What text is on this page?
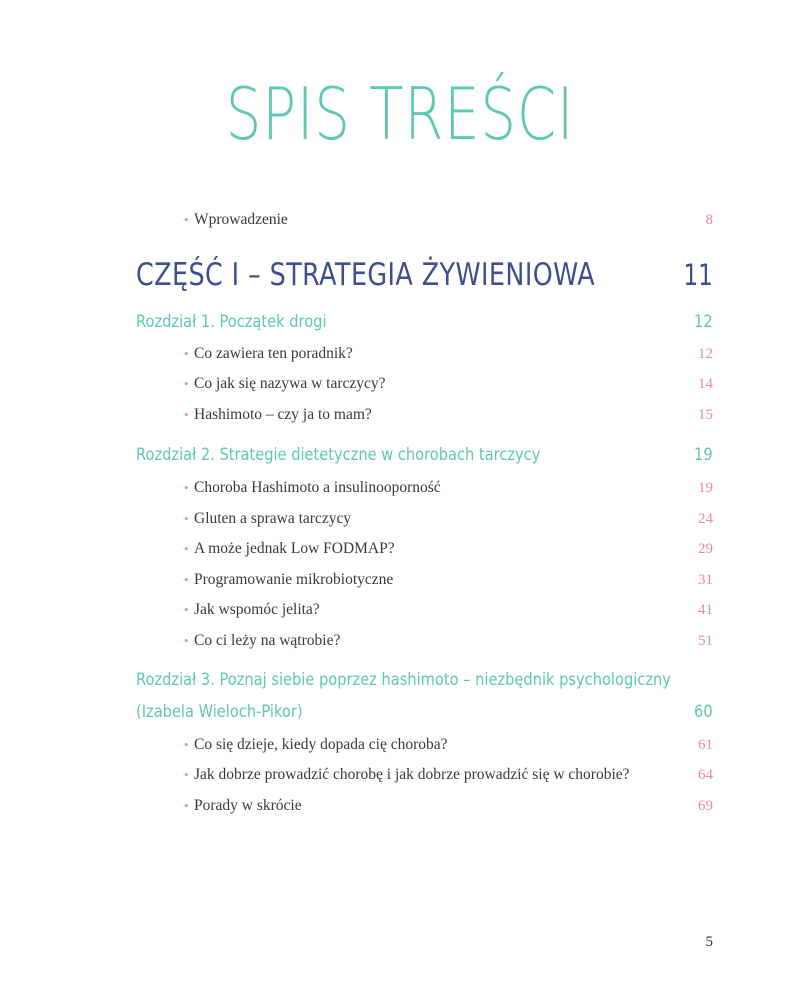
SPIS TREŚCI
• Wprowadzenie	8
CZĘŚĆ I – STRATEGIA ŻYWIENIOWA	11
Rozdział 1. Początek drogi	12
• Co zawiera ten poradnik?	12
• Co jak się nazywa w tarczycy?	14
• Hashimoto – czy ja to mam?	15
Rozdział 2. Strategie dietetyczne w chorobach tarczycy	19
• Choroba Hashimoto a insulinooporność	19
• Gluten a sprawa tarczycy	24
• A może jednak Low FODMAP?	29
• Programowanie mikrobiotyczne	31
• Jak wspomóc jelita?	41
• Co ci leży na wątrobie?	51
Rozdział 3. Poznaj siebie poprzez hashimoto – niezbędnik psychologiczny
(Izabela Wieloch-Pikor)	60
• Co się dzieje, kiedy dopada cię choroba?	61
• Jak dobrze prowadzić chorobę i jak dobrze prowadzić się w chorobie?	64
• Porady w skrócie	69
5
